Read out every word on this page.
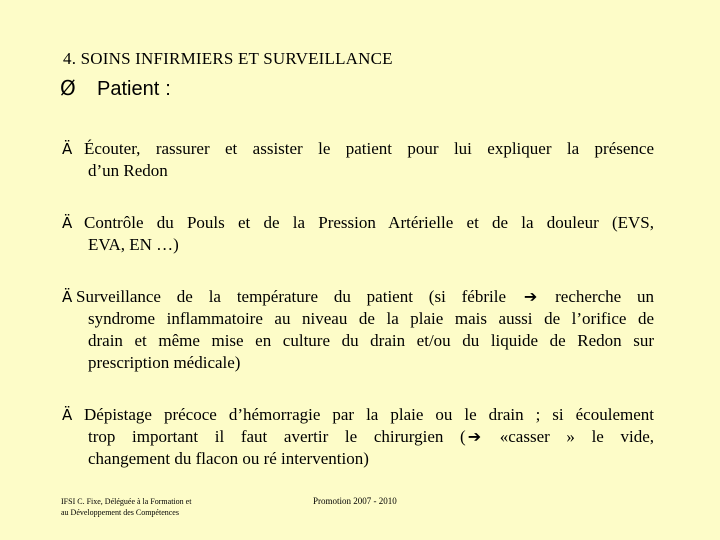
4. SOINS INFIRMIERS ET SURVEILLANCE
Ø	Patient :
Ä Écouter, rassurer et assister le patient pour lui expliquer la présence
d’un Redon
Ä Contrôle du Pouls et de la Pression Artérielle et de la douleur (EVS,
EVA, EN …)
Ä Surveillance de la température du patient (si fébrile ➔ recherche un
syndrome inflammatoire au niveau de la plaie mais aussi de l’orifice de
drain et même mise en culture du drain et/ou du liquide de Redon sur
prescription médicale)
Ä Dépistage précoce d’hémorragie par la plaie ou le drain ; si écoulement
trop important il faut avertir le chirurgien ( ➔ «casser » le vide,
changement du flacon ou ré intervention)
IFSI C. Fixe, Déléguée à la Formation et
au Développement des Compétences
Promotion 2007 - 2010
